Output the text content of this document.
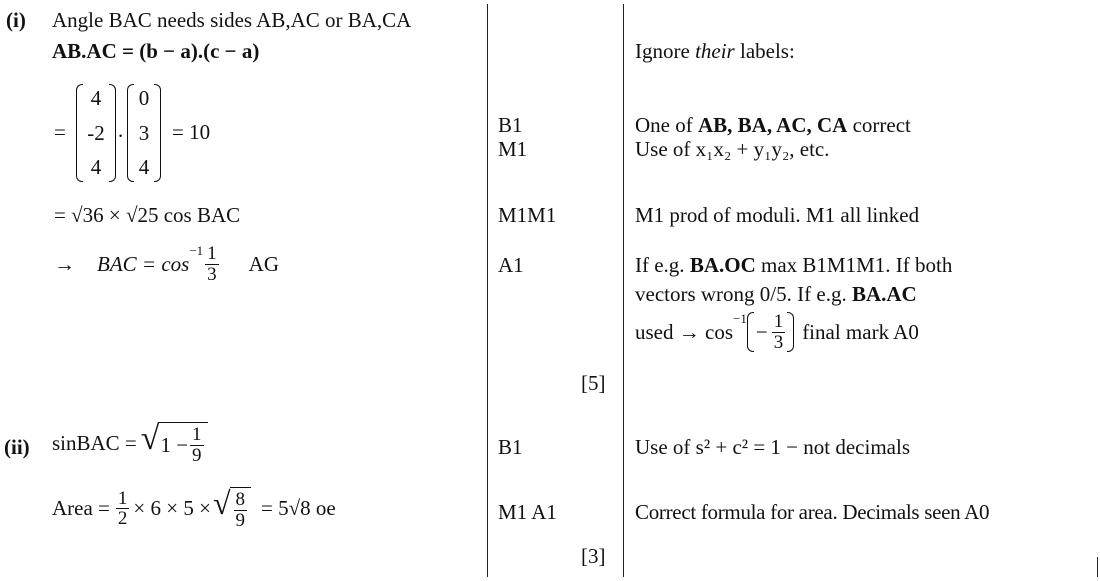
(i) Angle BAC needs sides AB,AC or BA,CA
AB.AC = (b − a).(c − a)
=
4
-2
4
.
0
3
4
= 10
= √36 × √25 cos BAC
→ BAC = cos
$^{-1} \frac{1}{3}$ AG
[5]
(ii) sinBAC = √ $1 - \frac{1}{9}$
Area = $\frac{1}{2} \times 6 \times 5$ × √ $\frac{8}{9} = 5√8$ oe
[3]
B1
M1
M1M1
A1
B1
M1 A1
Ignore their labels:
One of AB, BA, AC, CA correct
Use of x₁x₂ + y₁y₂, etc.
M1 prod of moduli. M1 all linked
If e.g. BA.OC max B1M1M1. If both
vectors wrong 0/5. If e.g. BA.AC
used → cos
$^{-1}$
− $\frac{1}{3}$ final mark A0
Use of s² + c² = 1 − not decimals
Correct formula for area. Decimals seen A0
